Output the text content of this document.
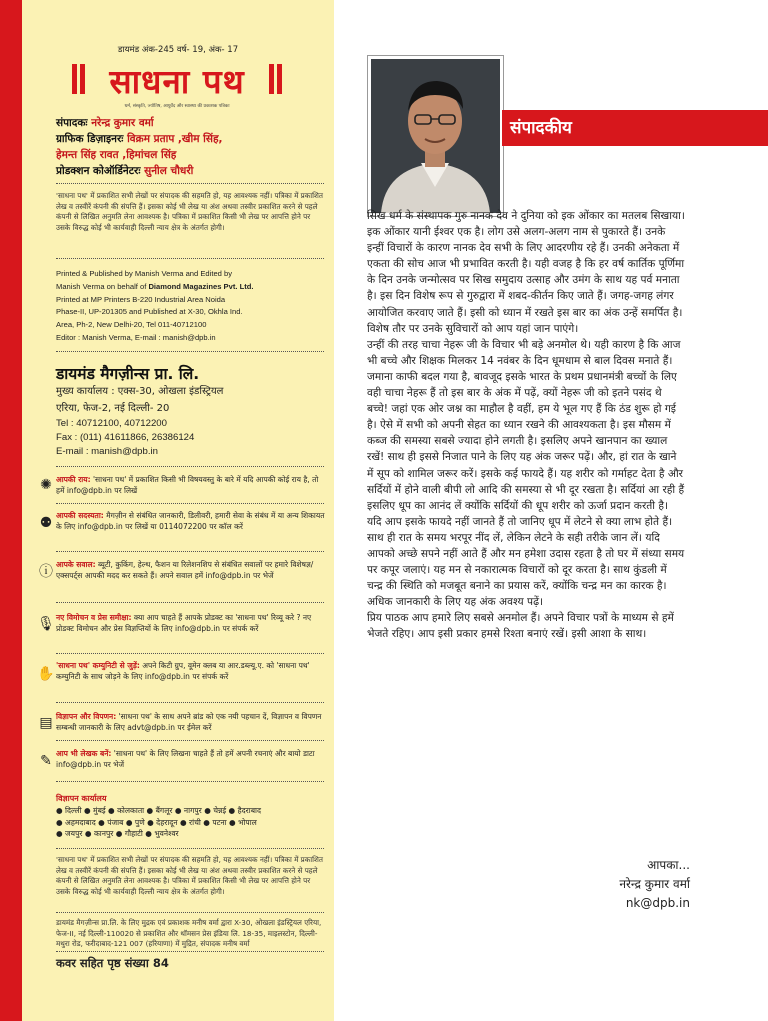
डायमंड अंक-245 वर्ष- 19, अंक- 17
साधना पथ
धर्म, संस्कृति, ज्योतिष, आयुर्वेद और स्वास्थ्य की प्रकाशक पत्रिका
संपादकः नरेन्द्र कुमार वर्मा
ग्राफिक डिज़ाइनरः विक्रम प्रताप ,खीम सिंह,
हेमन्त सिंह रावत ,हिमांचल सिंह
प्रोडक्शन कोऑर्डिनेटरः सुनील चौधरी
'साधना पथ' में प्रकाशित सभी लेखों पर संपादक की सहमति हो, यह आवश्यक नहीं। पत्रिका में प्रकाशित लेख व तस्वीरें कंपनी की संपत्ति हैं। इसका कोई भी लेख या अंश अथवा तस्वीर प्रकाशित करने से पहले कंपनी से लिखित अनुमति लेना आवश्यक है। पत्रिका में प्रकाशित किसी भी लेख पर आपत्ति होने पर उसके विरुद्ध कोई भी कार्यवाही दिल्ली न्याय क्षेत्र के अंतर्गत होगी।
Printed & Published by Manish Verma and Edited by
Manish Verma on behalf of Diamond Magazines Pvt. Ltd.
Printed at MP Printers B-220 Industrial Area Noida
Phase-II, UP-201305 and Published at X-30, Okhla Ind.
Area, Ph-2, New Delhi-20, Tel 011-40712100
Editor : Manish Verma, E-mail : manish@dpb.in
डायमंड मैगज़ीन्स प्रा. लि.
मुख्य कार्यालय : एक्स-30, ओखला इंडस्ट्रियल
एरिया, फेज-2, नई दिल्ली- 20
Tel : 40712100, 40712200
Fax : (011) 41611866, 26386124
E-mail : manish@dpb.in
✺ आपकी राय: 'साधना पथ' में प्रकाशित किसी भी विषयवस्तु के बारे में यदि आपकी कोई राय है, तो हमें info@dpb.in पर लिखें
⚉ आपकी सदस्यता: मैगज़ीन से संबंधित जानकारी, डिलीवरी, हमारी सेवा के संबंध में या अन्य शिकायत के लिए info@dpb.in पर लिखें या 0114072200 पर कॉल करें
ⓘ आपके सवाल: ब्यूटी, कुकिंग, हेल्थ, फैशन या रिलेशनशिप से संबंधित सवालों पर हमारे विशेषज्ञ/एक्सपर्ट्स आपकी मदद कर सकते हैं। अपने सवाल हमें info@dpb.in पर भेजें
🎙 नए विमोचन व प्रेस समीक्षा: क्या आप चाहते हैं आपके प्रोडक्ट का 'साधना पथ' रिव्यू करे ? नए प्रोडक्ट विमोचन और प्रेस विज्ञप्तियों के लिए info@dpb.in पर संपर्क करें
✋
'साधना पथ' कम्युनिटी से जुड़ें: अपने किटी ग्रुप, वूमेन क्लब या आर.डब्ल्यू.ए. को 'साधना पथ' कम्युनिटी के साथ जोड़ने के लिए info@dpb.in पर संपर्क करें
▤ विज्ञापन और विपणन: 'साधना पथ' के साथ अपने ब्रांड को एक नयी पहचान दें, विज्ञापन व विपणन सम्बन्धी जानकारी के लिए advt@dpb.in पर ईमेल करें
✎ आप भी लेखक बनें: 'साधना पथ' के लिए लिखना चाहते हैं तो हमें अपनी रचनाएं और बायो डाटा info@dpb.in पर भेजें
विज्ञापन कार्यालय
● दिल्ली ● मुंबई ● कोलकाता ● बैंगलूर ● नागपुर ● चेन्नई ● हैदराबाद
● अहमदाबाद ● पंजाब ● पुणे ● देहरादून ● रांची ● पटना ● भोपाल
● जयपुर ● कानपुर ● गौहाटी ● भुवनेश्वर
'साधना पथ' में प्रकाशित सभी लेखों पर संपादक की सहमति हो, यह आवश्यक नहीं। पत्रिका में प्रकाशित लेख व तस्वीरें कंपनी की संपत्ति हैं। इसका कोई भी लेख या अंश अथवा तस्वीर प्रकाशित करने से पहले कंपनी से लिखित अनुमति लेना आवश्यक है। पत्रिका में प्रकाशित किसी भी लेख पर आपत्ति होने पर उसके विरुद्ध कोई भी कार्यवाही दिल्ली न्याय क्षेत्र के अंतर्गत होगी।
डायमंड मैगज़ीन्स प्रा.लि. के लिए मुद्रक एवं प्रकाशक मनीष वर्मा द्वारा X-30, ओखला इंडस्ट्रियल एरिया, फेज-II, नई दिल्ली-110020 से प्रकाशित और थॉमसन प्रेस इंडिया लि. 18-35, माइलस्टोन, दिल्ली-मथुरा रोड, फरीदाबाद-121 007 (हरियाणा) में मुद्रित, संपादक मनीष वर्मा
कवर सहित पृष्ठ संख्या 84
संपादकीय

सिख धर्म के संस्थापक गुरु नानक देव ने दुनिया को इक ओंकार का मतलब सिखाया। इक ओंकार यानी ईश्वर एक है। लोग उसे अलग-अलग नाम से पुकारते हैं। उनके इन्हीं विचारों के कारण नानक देव सभी के लिए आदरणीय रहे हैं। उनकी अनेकता में एकता की सोच आज भी प्रभावित करती है। यही वजह है कि हर वर्ष कार्तिक पूर्णिमा के दिन उनके जन्मोत्सव पर सिख समुदाय उत्साह और उमंग के साथ यह पर्व मनाता है। इस दिन विशेष रूप से गुरुद्वारा में शबद-कीर्तन किए जाते हैं। जगह-जगह लंगर आयोजित करवाए जाते हैं। इसी को ध्यान में रखते इस बार का अंक उन्हें समर्पित है। विशेष तौर पर उनके सुविचारों को आप यहां जान पाएंगे।

उन्हीं की तरह चाचा नेहरू जी के विचार भी बड़े अनमोल थे। यही कारण है कि आज भी बच्चे और शिक्षक मिलकर 14 नवंबर के दिन धूमधाम से बाल दिवस मनाते हैं। जमाना काफी बदल गया है, बावजूद इसके भारत के प्रथम प्रधानमंत्री बच्चों के लिए वही चाचा नेहरू हैं तो इस बार के अंक में पढ़ें, क्यों नेहरू जी को इतने पसंद थे बच्चे! जहां एक ओर जश्न का माहौल है वहीं, हम ये भूल गए हैं कि ठंड शुरू हो गई है। ऐसे में सभी को अपनी सेहत का ध्यान रखने की आवश्यकता है। इस मौसम में कब्ज की समस्या सबसे ज्यादा होने लगती है। इसलिए अपने खानपान का ख्याल रखें! साथ ही इससे निजात पाने के लिए यह अंक जरूर पढ़ें। और, हां रात के खाने में सूप को शामिल जरूर करें। इसके कई फायदे हैं। यह शरीर को गर्माहट देता है और सर्दियों में होने वाली बीपी लो आदि की समस्या से भी दूर रखता है। सर्दियां आ रही हैं इसलिए धूप का आनंद लें क्योंकि सर्दियों की धूप शरीर को ऊर्जा प्रदान करती है। यदि आप इसके फायदे नहीं जानते हैं तो जानिए धूप में लेटने से क्या लाभ होते हैं। साथ ही रात के समय भरपूर नींद लें, लेकिन लेटने के सही तरीके जान लें। यदि आपको अच्छे सपने नहीं आते हैं और मन हमेशा उदास रहता है तो घर में संध्या समय पर कपूर जलाएं। यह मन से नकारात्मक विचारों को दूर करता है। साथ कुंडली में चन्द्र की स्थिति को मजबूत बनाने का प्रयास करें, क्योंकि चन्द्र मन का कारक है। अधिक जानकारी के लिए यह अंक अवश्य पढ़ें।

प्रिय पाठक आप हमारे लिए सबसे अनमोल हैं। अपने विचार पत्रों के माध्यम से हमें भेजते रहिए। आप इसी प्रकार हमसे रिश्ता बनाएं रखें। इसी आशा के साथ।

आपका...
नरेन्द्र कुमार वर्मा
nk@dpb.in
